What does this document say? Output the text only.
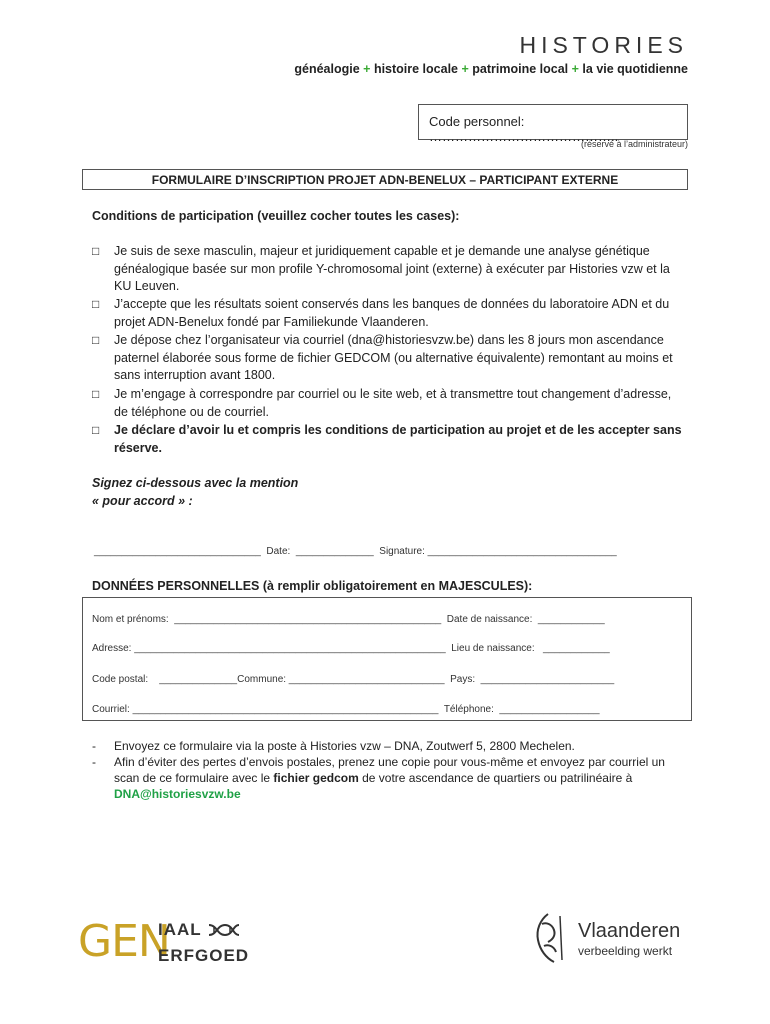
HISTORIES
généalogie + histoire locale + patrimoine local + la vie quotidienne
Code personnel: ……………………………………..
(réservé à l’administrateur)
FORMULAIRE D’INSCRIPTION PROJET ADN-BENELUX – PARTICIPANT EXTERNE
Conditions de participation (veuillez cocher toutes les cases):
□ Je suis de sexe masculin, majeur et juridiquement capable et je demande une analyse génétique généalogique basée sur mon profile Y-chromosomal joint (externe) à exécuter par Histories vzw et la KU Leuven.
□ J’accepte que les résultats soient conservés dans les banques de données du laboratoire ADN et du projet ADN-Benelux fondé par Familiekunde Vlaanderen.
□ Je dépose chez l’organisateur via courriel (dna@historiesvzw.be) dans les 8 jours mon ascendance paternel élaborée sous forme de fichier GEDCOM (ou alternative équivalente) remontant au moins et sans interruption avant 1800.
□ Je m’engage à correspondre par courriel ou le site web, et à transmettre tout changement d’adresse, de téléphone ou de courriel.
□ Je déclare d’avoir lu et compris les conditions de participation au projet et de les accepter sans réserve.
Signez ci-dessous avec la mention
« pour accord » :
______________________________  Date:  ______________  Signature: __________________________________
DONNÉES PERSONNELLES (à remplir obligatoirement en MAJESCULES):
Nom et prénoms:  ________________________________________________  Date de naissance:  ____________
Adresse: ________________________________________________________  Lieu de naissance:   ____________
Code postal:    ______________Commune: ____________________________  Pays:  ________________________
Courriel: _______________________________________________________  Téléphone:  __________________
- Envoyez ce formulaire via la poste à Histories vzw – DNA, Zoutwerf 5, 2800 Mechelen.
- Afin d’éviter des pertes d’envois postales, prenez une copie pour vous-même et envoyez par courriel un scan de ce formulaire avec le fichier gedcom de votre ascendance de quartiers ou patrilinéaire à DNA@historiesvzw.be
GEN
IAAL
ERFGOED
Vlaanderen
verbeelding werkt
